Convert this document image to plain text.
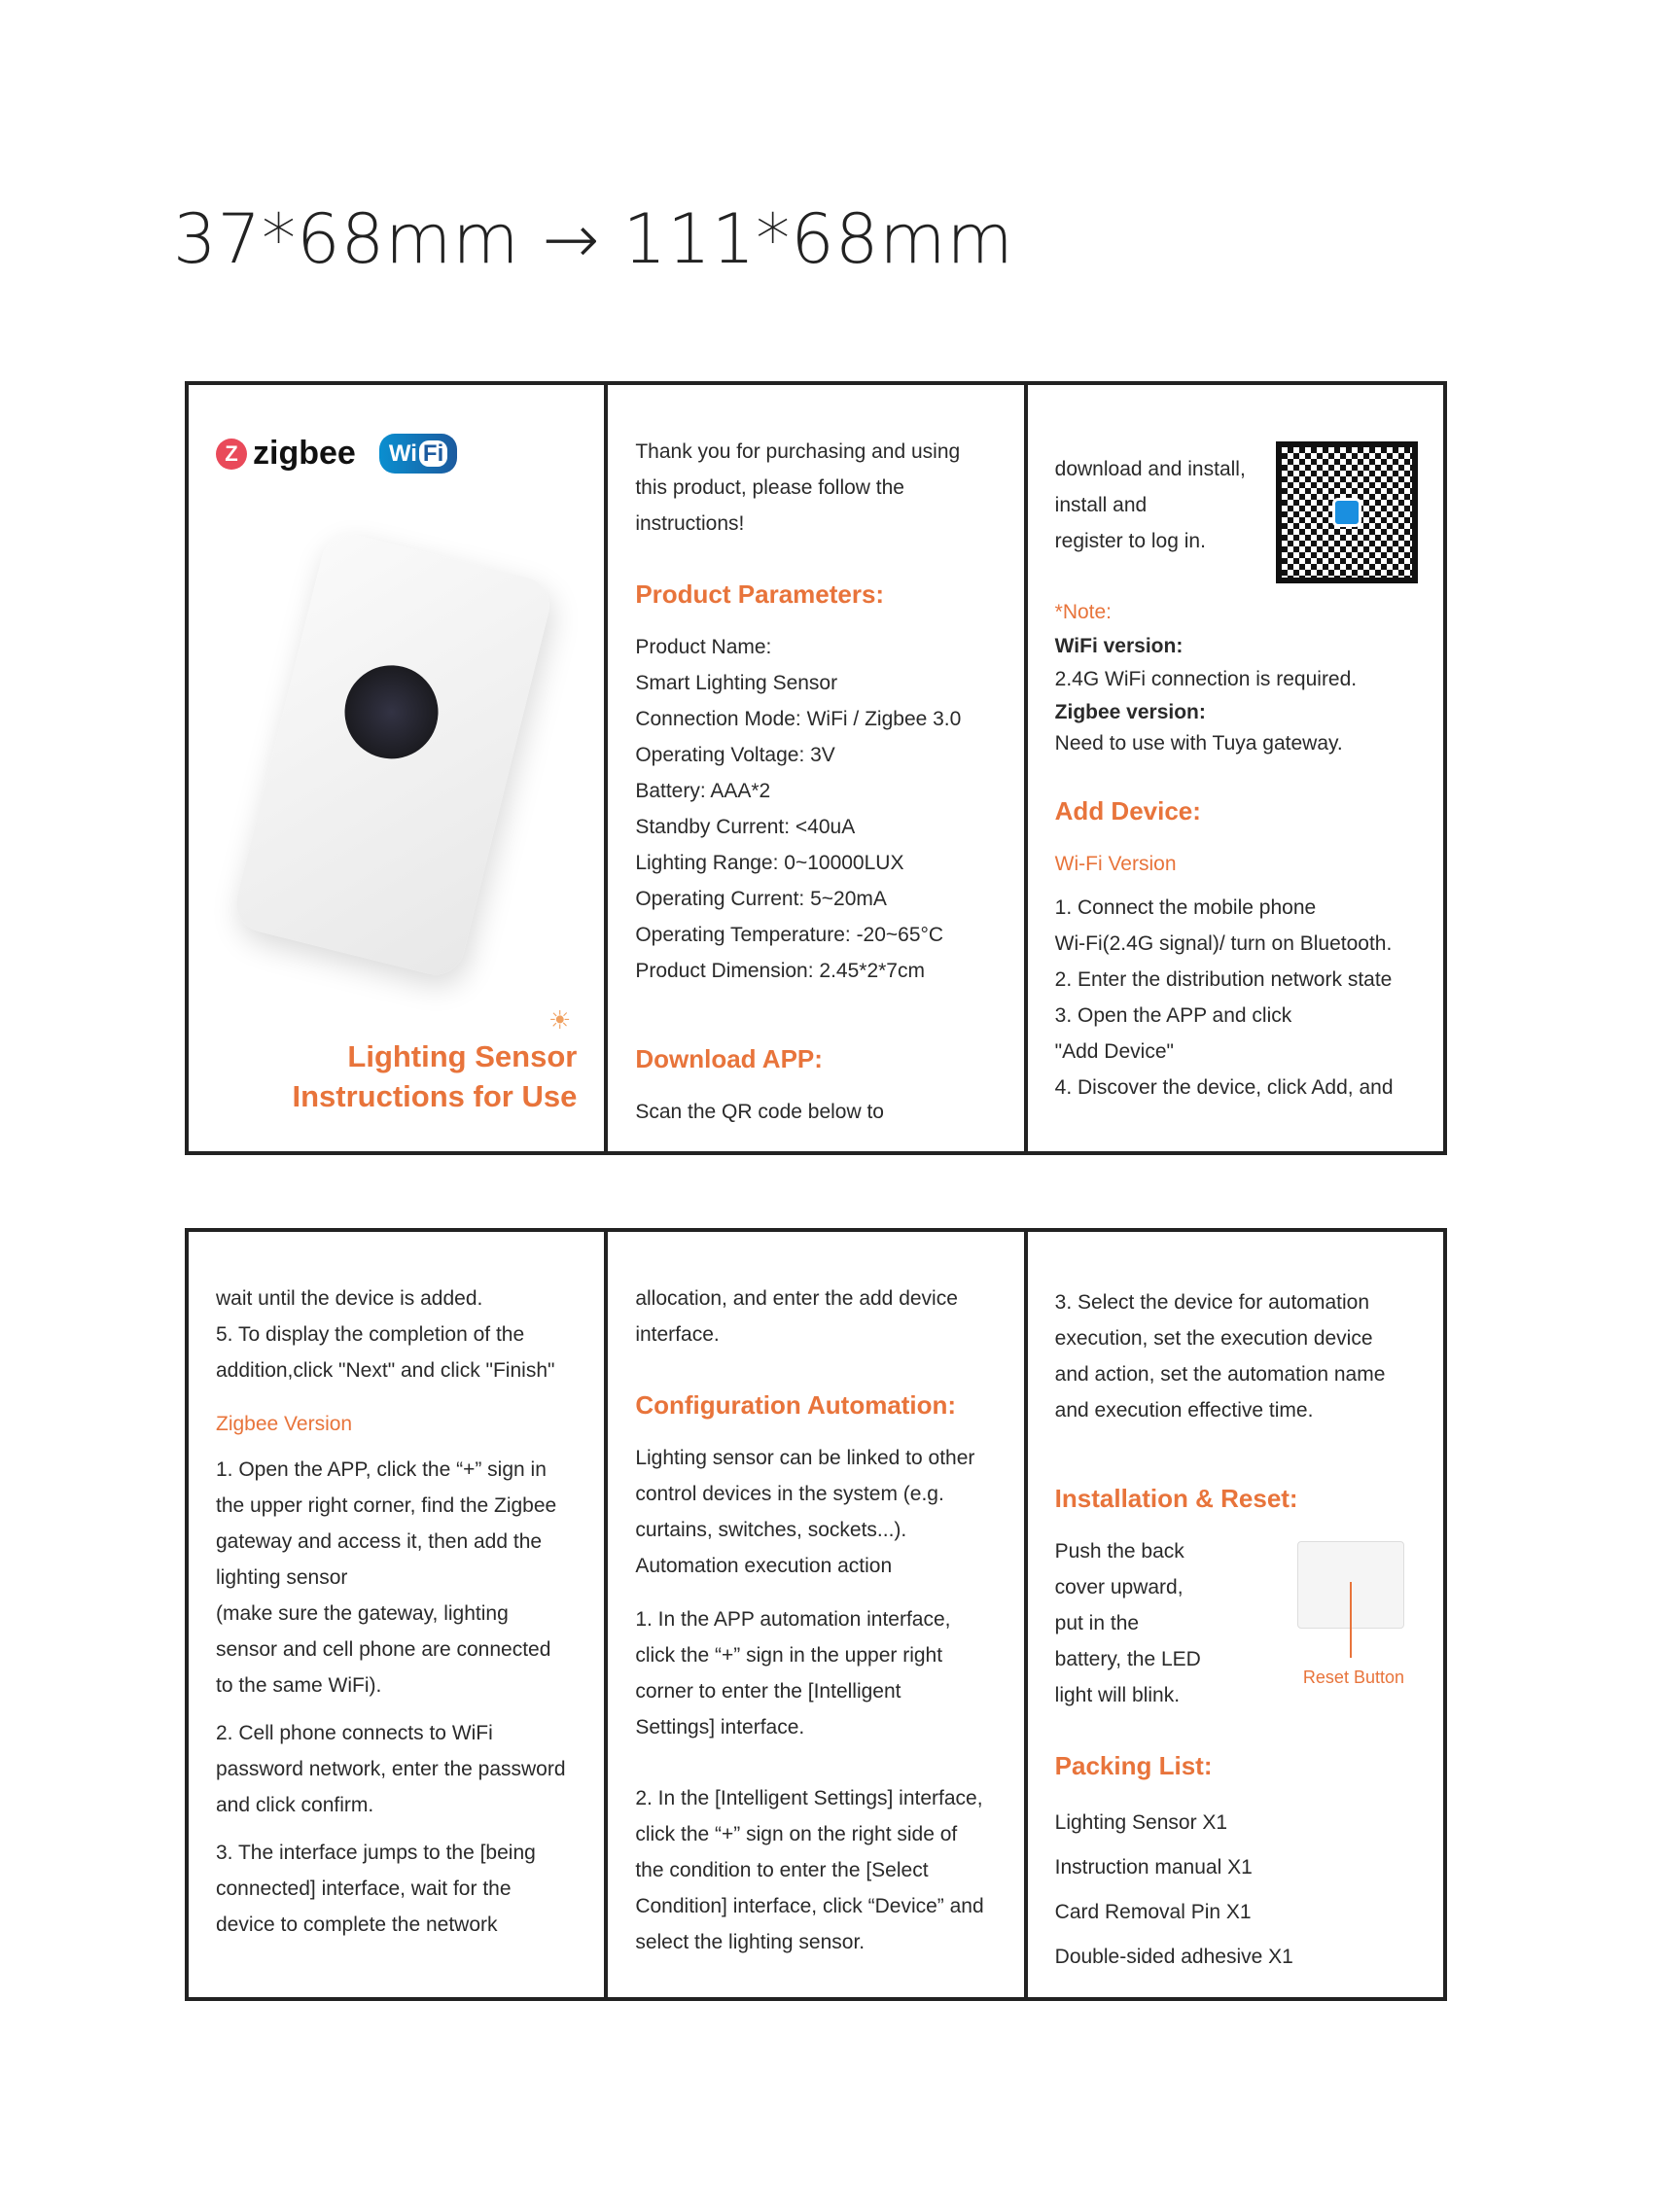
37*68mm → 111*68mm
Z zigbee	Wi Fi
☀
Lighting Sensor
Instructions for Use

Thank you for purchasing and using

this product, please follow the

instructions!

Product Parameters:

Product Name:

Smart Lighting Sensor

Connection Mode: WiFi / Zigbee 3.0

Operating Voltage: 3V

Battery: AAA*2

Standby Current: <40uA

Lighting Range: 0~10000LUX

Operating Current: 5~20mA

Operating Temperature: -20~65°C

Product Dimension: 2.45*2*7cm

Download APP:

Scan the QR code below to

download and install,

install and

register to log in.

*Note:

WiFi version:

2.4G WiFi connection is required.

Zigbee version:

Need to use with Tuya gateway.

Add Device:

Wi-Fi Version

1. Connect the mobile phone

Wi-Fi(2.4G signal)/ turn on Bluetooth.

2. Enter the distribution network state

3. Open the APP and click

"Add Device"

4. Discover the device, click Add, and

wait until the device is added.

5. To display the completion of the

addition,click "Next" and click "Finish"

Zigbee Version

1. Open the APP, click the “+” sign in

the upper right corner, find the Zigbee

gateway and access it, then add the

lighting sensor

(make sure the gateway, lighting

sensor and cell phone are connected

to the same WiFi).

2. Cell phone connects to WiFi

password network, enter the password

and click confirm.

3. The interface jumps to the [being

connected] interface, wait for the

device to complete the network

allocation, and enter the add device

interface.

Configuration Automation:

Lighting sensor can be linked to other

control devices in the system (e.g.

curtains, switches, sockets...).

Automation execution action

1. In the APP automation interface,

click the “+” sign in the upper right

corner to enter the [Intelligent

Settings] interface.

2. In the [Intelligent Settings] interface,

click the “+” sign on the right side of

the condition to enter the [Select

Condition] interface, click “Device” and

select the lighting sensor.

3. Select the device for automation

execution, set the execution device

and action, set the automation name

and execution effective time.

Installation & Reset:

Push the back

cover upward,

put in the

battery, the LED

light will blink.

Reset Button
Packing List:

Lighting Sensor X1

Instruction manual X1

Card Removal Pin X1

Double-sided adhesive X1
